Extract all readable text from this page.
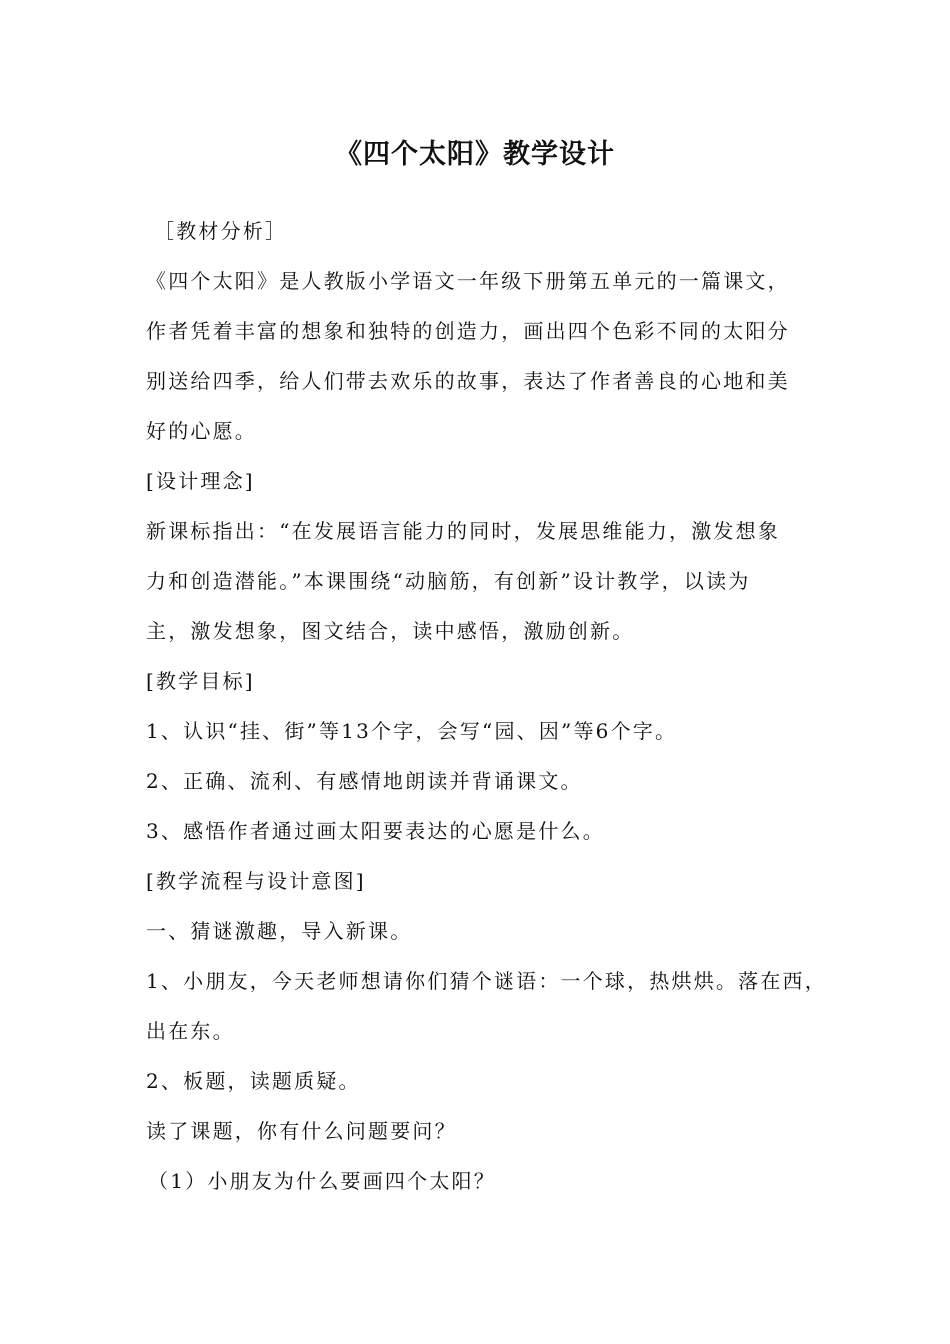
《四个太阳》教学设计

［教材分析］

《四个太阳》是人教版小学语文一年级下册第五单元的一篇课文，

作者凭着丰富的想象和独特的创造力，画出四个色彩不同的太阳分

别送给四季，给人们带去欢乐的故事，表达了作者善良的心地和美

好的心愿。

[设计理念]

新课标指出：“在发展语言能力的同时，发展思维能力，激发想象

力和创造潜能。”本课围绕“动脑筋，有创新”设计教学，以读为

主，激发想象，图文结合，读中感悟，激励创新。

[教学目标]

1、认识“挂、街”等13个字，会写“园、因”等6个字。

2、正确、流利、有感情地朗读并背诵课文。

3、感悟作者通过画太阳要表达的心愿是什么。

[教学流程与设计意图]

一、猜谜激趣，导入新课。

1、小朋友，今天老师想请你们猜个谜语：一个球，热烘烘。落在西，

出在东。

2、板题，读题质疑。

读了课题，你有什么问题要问？

（1）小朋友为什么要画四个太阳？
